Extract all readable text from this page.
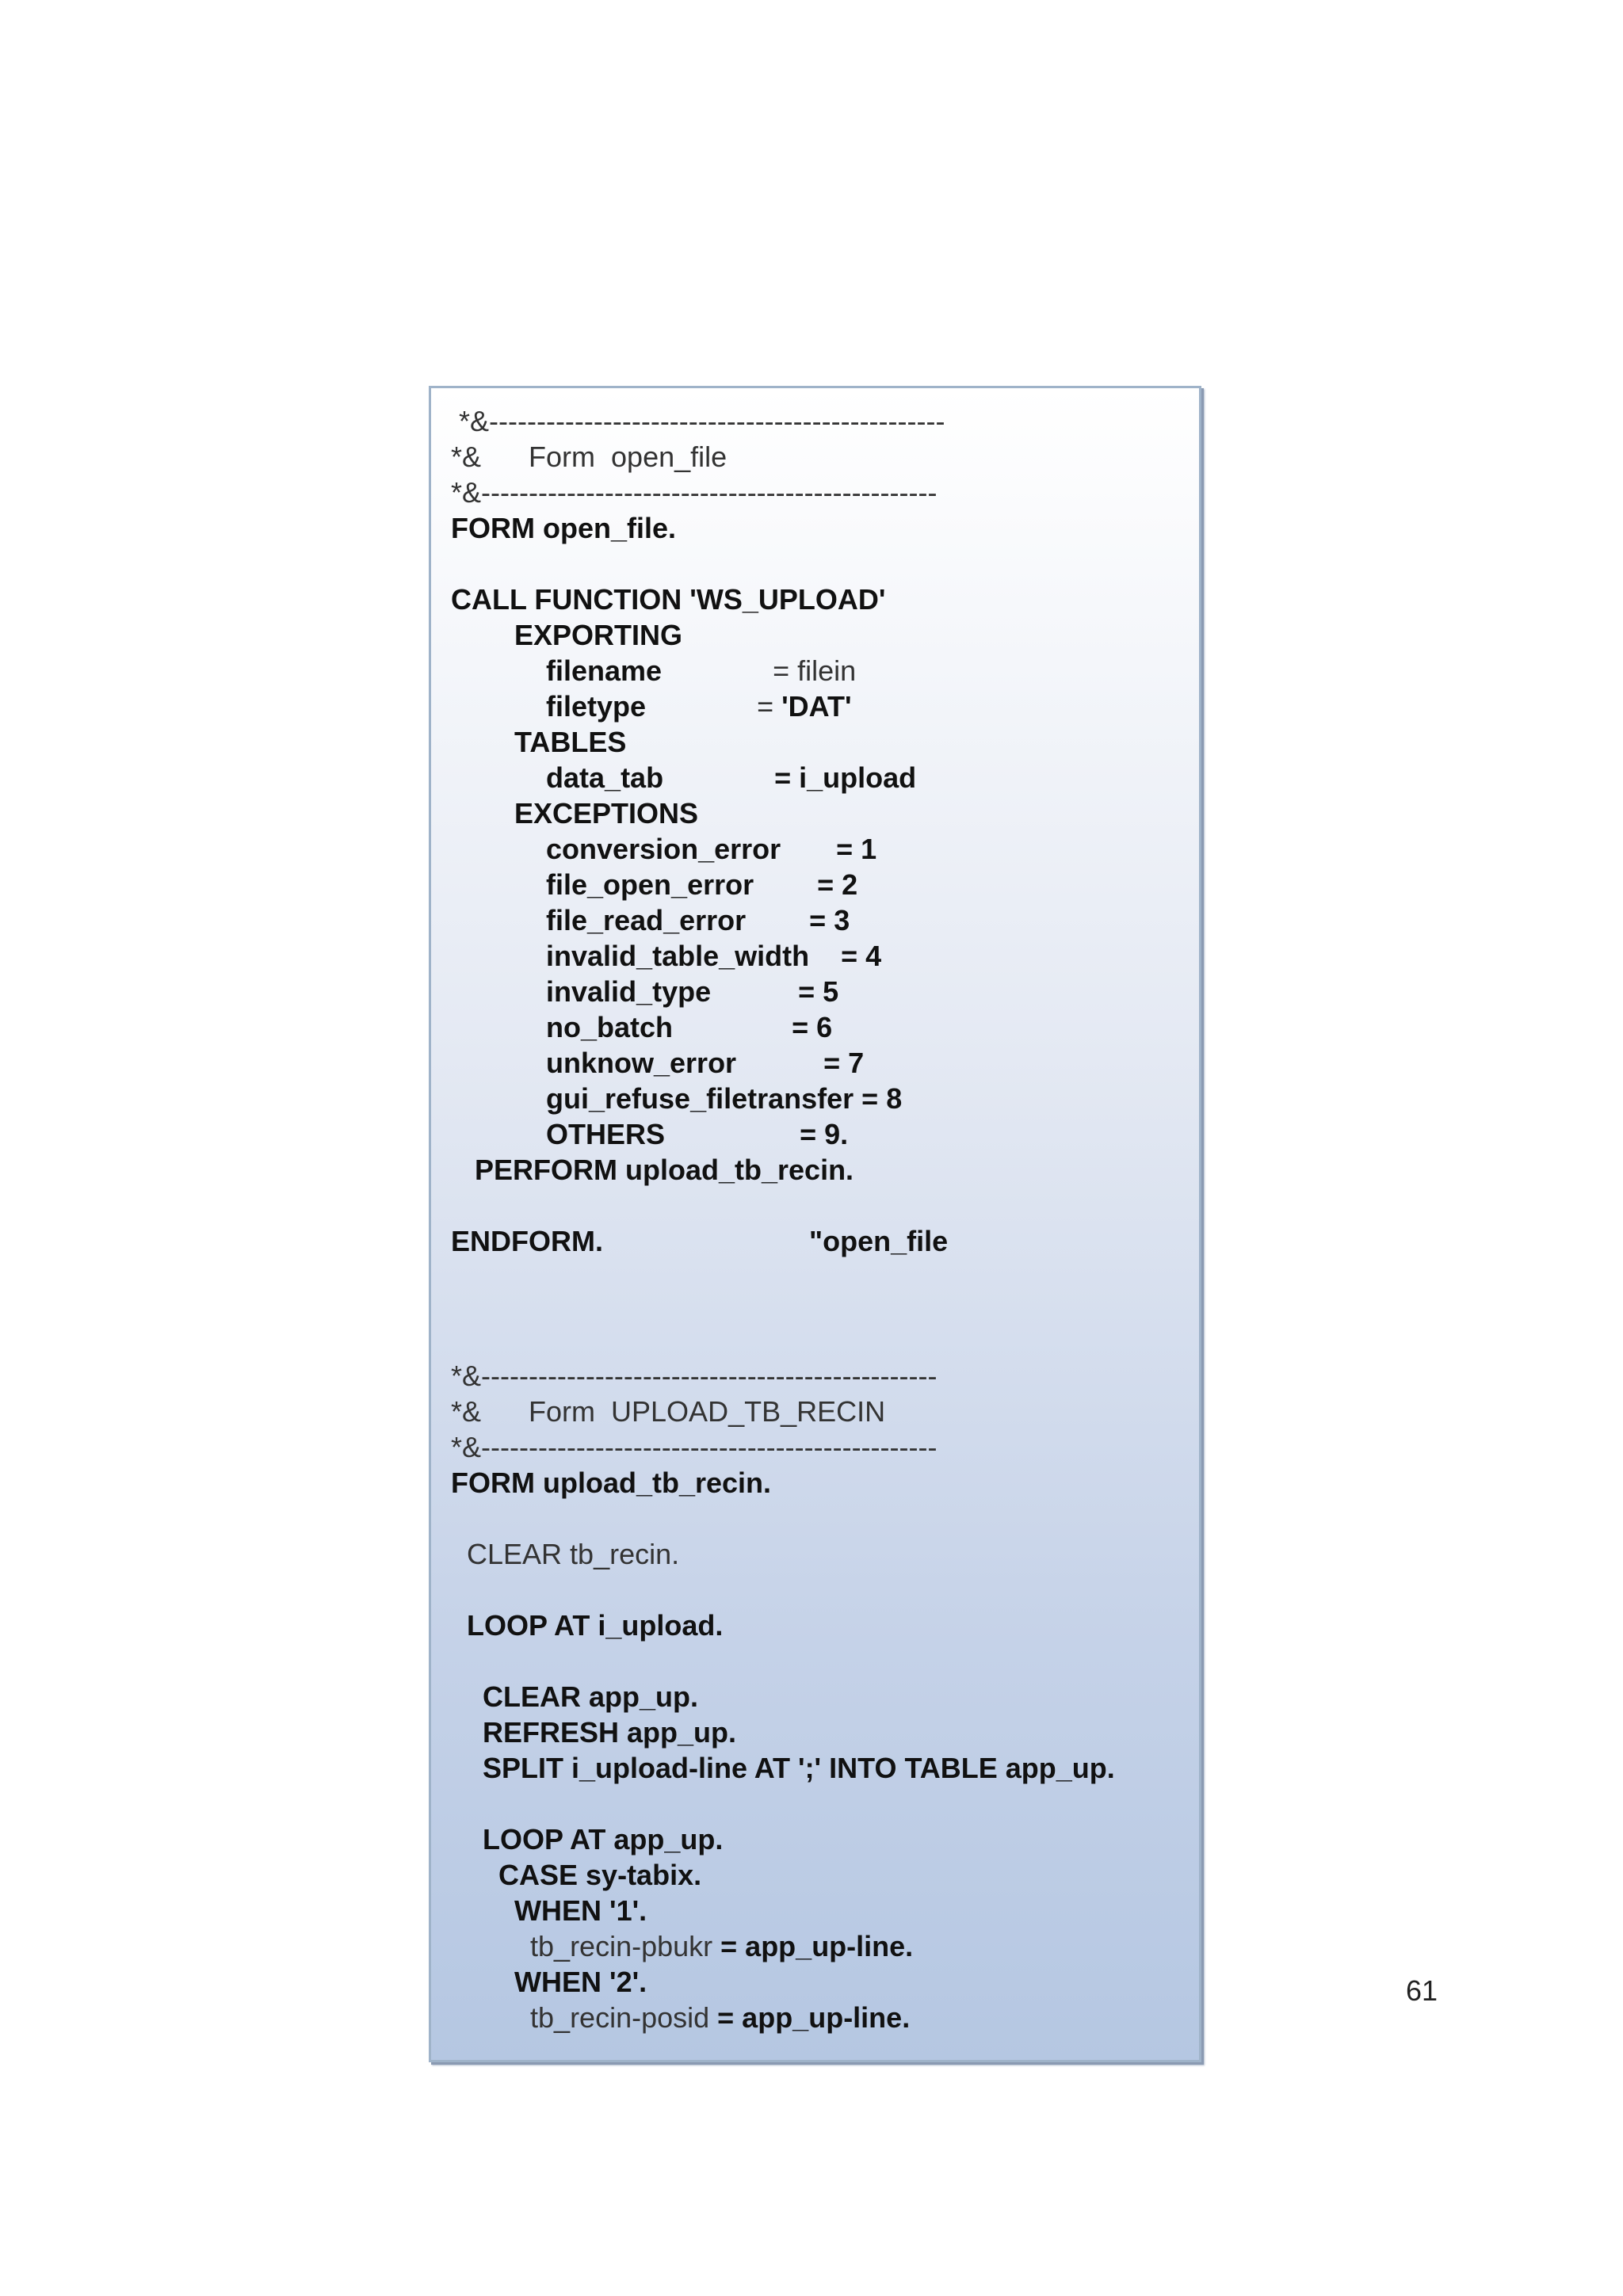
*&------------------------------------------------
*&      Form  open_file
*&------------------------------------------------
FORM open_file.
CALL FUNCTION 'WS_UPLOAD'
EXPORTING
filename              = filein
filetype              = 'DAT'
TABLES
data_tab              = i_upload
EXCEPTIONS
conversion_error       = 1
file_open_error        = 2
file_read_error        = 3
invalid_table_width    = 4
invalid_type           = 5
no_batch               = 6
unknow_error           = 7
gui_refuse_filetransfer = 8
OTHERS                 = 9.
PERFORM upload_tb_recin.
ENDFORM.                          "open_file
*&------------------------------------------------
*&      Form  UPLOAD_TB_RECIN
*&------------------------------------------------
FORM upload_tb_recin.
CLEAR tb_recin.
LOOP AT i_upload.
CLEAR app_up.
REFRESH app_up.
SPLIT i_upload-line AT ';' INTO TABLE app_up.
LOOP AT app_up.
CASE sy-tabix.
WHEN '1'.
tb_recin-pbukr = app_up-line.
WHEN '2'.
tb_recin-posid = app_up-line.
61
